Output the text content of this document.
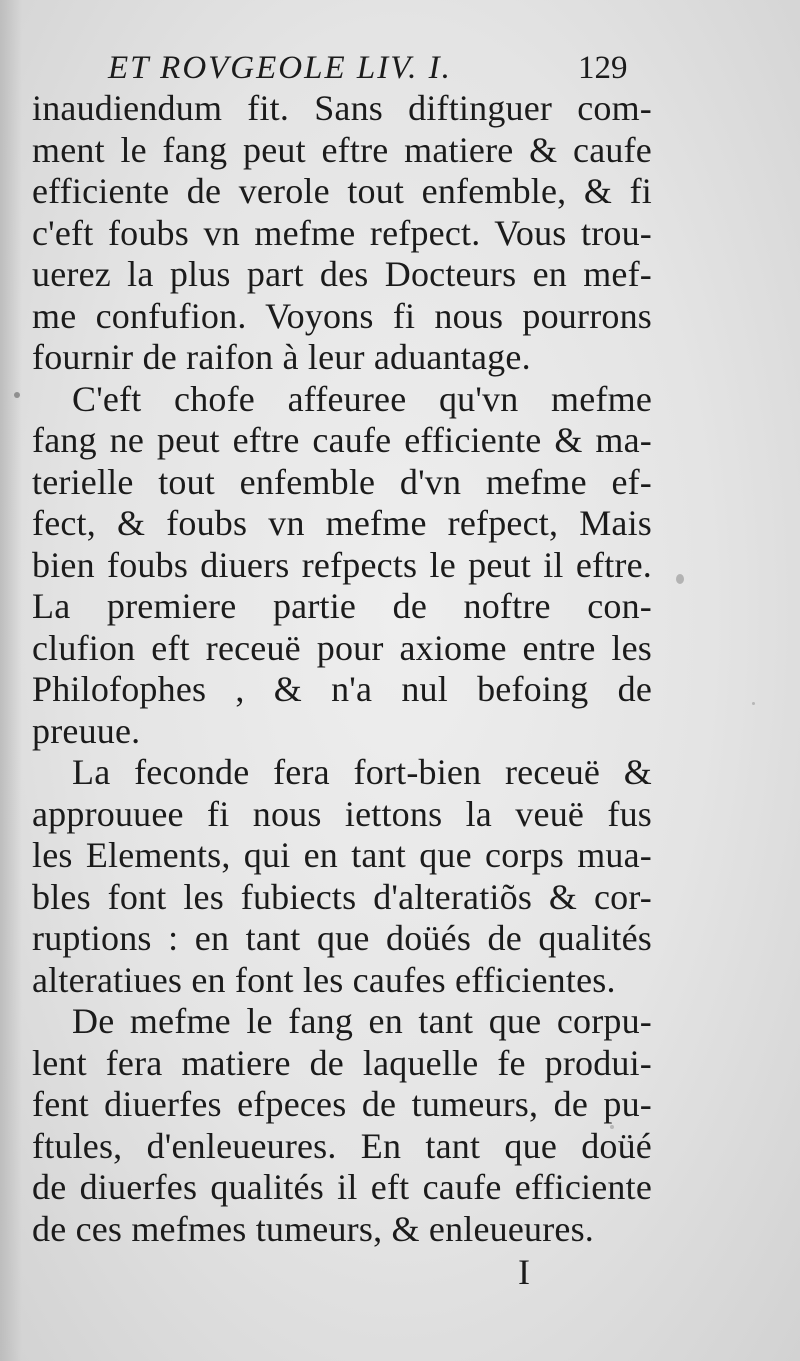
ET ROVGEOLE LIV. I.	129
inaudiendum fit. Sans diftinguer com-
ment le fang peut eftre matiere & caufe
efficiente de verole tout enfemble, & fi
c'eft foubs vn mefme refpect. Vous trou-
uerez la plus part des Docteurs en mef-
me confufion. Voyons fi nous pourrons
fournir de raifon à leur aduantage.
C'eft chofe affeuree qu'vn mefme
fang ne peut eftre caufe efficiente & ma-
terielle tout enfemble d'vn mefme ef-
fect, & foubs vn mefme refpect, Mais
bien foubs diuers refpects le peut il eftre.
La premiere partie de noftre con-
clufion eft receuë pour axiome entre les
Philofophes , & n'a nul befoing de
preuue.
La feconde fera fort-bien receuë &
approuuee fi nous iettons la veuë fus
les Elements, qui en tant que corps mua-
bles font les fubiects d'alteratiõs & cor-
ruptions : en tant que doüés de qualités
alteratiues en font les caufes efficientes.
De mefme le fang en tant que corpu-
lent fera matiere de laquelle fe produi-
fent diuerfes efpeces de tumeurs, de pu-
ftules, d'enleueures. En tant que doüé
de diuerfes qualités il eft caufe efficiente
de ces mefmes tumeurs, & enleueures.
I
